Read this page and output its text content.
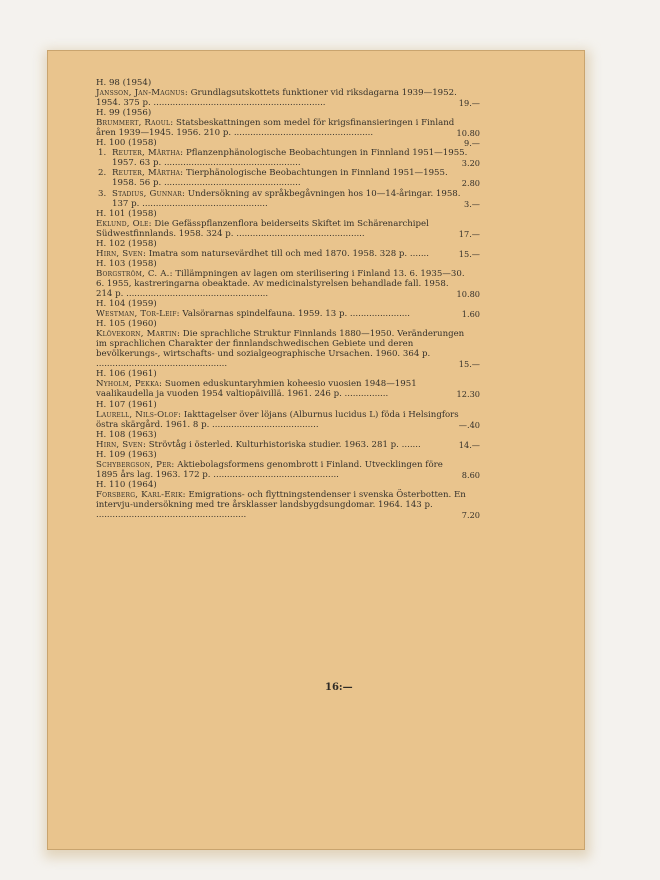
H. 98 (1954)
Jansson, Jan-Magnus: Grundlagsutskottets funktioner vid riksdagarna 1939—1952. 1954. 375 p. ...............................................................	19.—
H. 99 (1956)
Brummert, Raoul: Statsbeskattningen som medel för krigsfinansieringen i Finland åren 1939—1945. 1956. 210 p. ...................................................	10.80
H. 100 (1958)	9.—
1. Reuter, Märtha: Pflanzenphänologische Beobachtungen in Finnland 1951—1955. 1957. 63 p. ..................................................	3.20
2. Reuter, Märtha: Tierphänologische Beobachtungen in Finnland 1951—1955. 1958. 56 p. ..................................................	2.80
3. Stadius, Gunnar: Undersökning av språkbegåvningen hos 10—14-åringar. 1958. 137 p. ..............................................	3.—
H. 101 (1958)
Eklund, Ole: Die Gefässpflanzenflora beiderseits Skiftet im Schärenarchipel Südwestfinnlands. 1958. 324 p. ...............................................	17.—
H. 102 (1958)
Hirn, Sven: Imatra som natursevärdhet till och med 1870. 1958. 328 p. .......	15.—
H. 103 (1958)
Borgström, C. A.: Tillämpningen av lagen om sterilisering i Finland 13. 6. 1935—30. 6. 1955, kastreringarna obeaktade. Av medicinalstyrelsen behandlade fall. 1958. 214 p. ....................................................	10.80
H. 104 (1959)
Westman, Tor-Leif: Valsörarnas spindelfauna. 1959. 13 p. ......................	1.60
H. 105 (1960)
Klövekorn, Martin: Die sprachliche Struktur Finnlands 1880—1950. Veränderungen im sprachlichen Charakter der finnlandschwedischen Gebiete und deren bevölkerungs-, wirtschafts- und sozialgeographische Ursachen. 1960. 364 p. ................................................	15.—
H. 106 (1961)
Nyholm, Pekka: Suomen eduskuntaryhmien koheesio vuosien 1948—1951 vaalikaudella ja vuoden 1954 valtiopäivillä. 1961. 246 p. ................	12.30
H. 107 (1961)
Laurell, Nils-Olof: Iakttagelser över löjans (Alburnus lucidus L) föda i Helsingfors östra skärgård. 1961. 8 p. .......................................	—.40
H. 108 (1963)
Hirn, Sven: Strövtåg i österled. Kulturhistoriska studier. 1963. 281 p. .......	14.—
H. 109 (1963)
Schybergson, Per: Aktiebolagsformens genombrott i Finland. Utvecklingen före 1895 års lag. 1963. 172 p. ..............................................	8.60
H. 110 (1964)
Forsberg, Karl-Erik: Emigrations- och flyttningstendenser i svenska Österbotten. En intervju-undersökning med tre årsklasser landsbygdsungdomar. 1964. 143 p. .......................................................	7.20
16:—
